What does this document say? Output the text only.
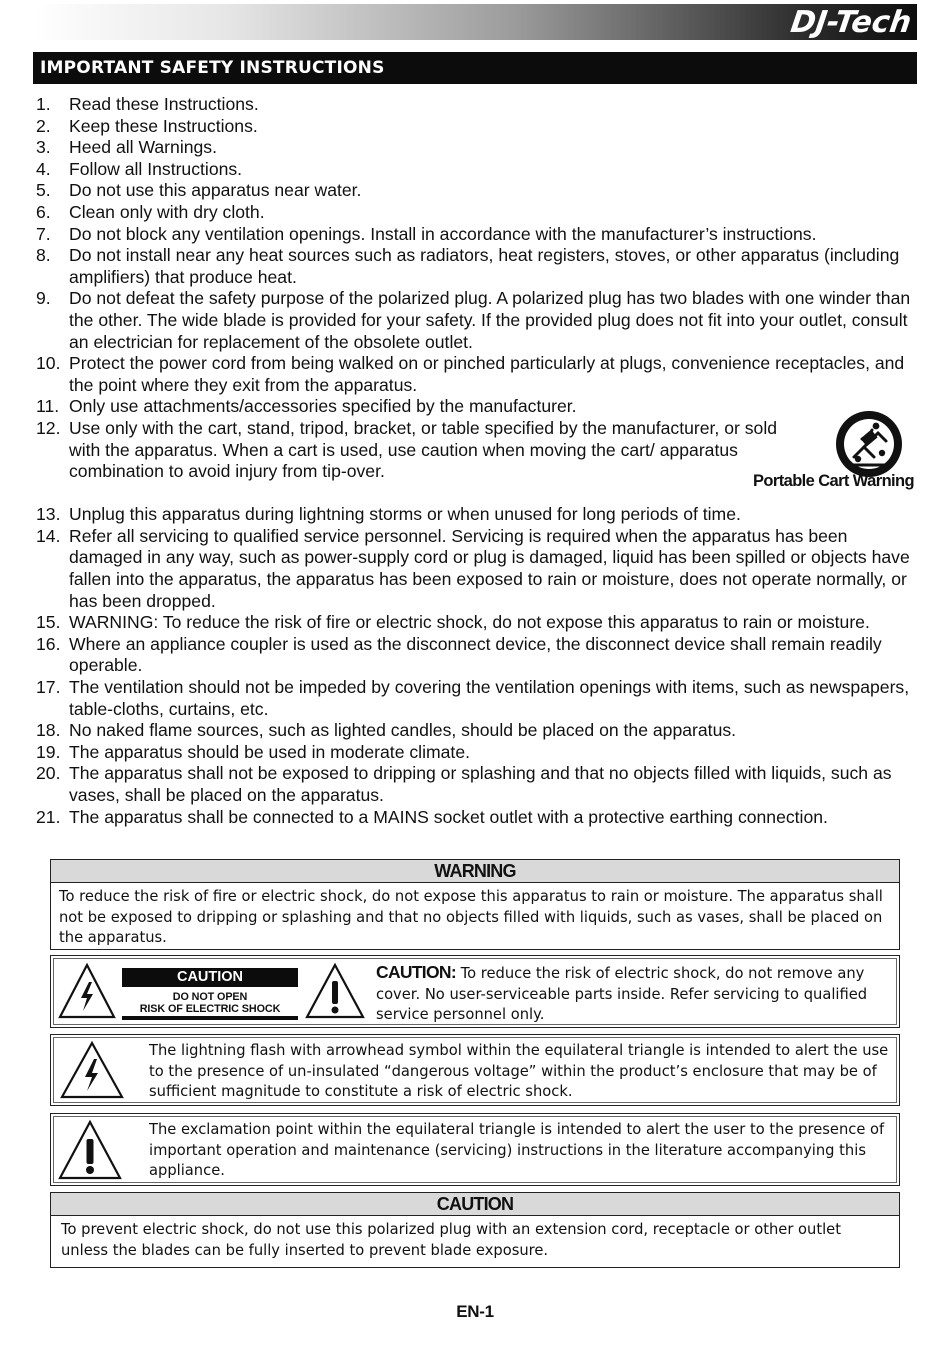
DJ-Tech
IMPORTANT SAFETY INSTRUCTIONS
1. Read these Instructions.
2. Keep these Instructions.
3. Heed all Warnings.
4. Follow all Instructions.
5. Do not use this apparatus near water.
6. Clean only with dry cloth.
7. Do not block any ventilation openings. Install in accordance with the manufacturer’s instructions.
8. Do not install near any heat sources such as radiators, heat registers, stoves, or other apparatus (including amplifiers) that produce heat.
9. Do not defeat the safety purpose of the polarized plug. A polarized plug has two blades with one winder than the other. The wide blade is provided for your safety. If the provided plug does not fit into your outlet, consult an electrician for replacement of the obsolete outlet.
10. Protect the power cord from being walked on or pinched particularly at plugs, convenience receptacles, and the point where they exit from the apparatus.
11. Only use attachments/accessories specified by the manufacturer.
12. Use only with the cart, stand, tripod, bracket, or table specified by the manufacturer, or sold with the apparatus. When a cart is used, use caution when moving the cart/ apparatus combination to avoid injury from tip-over.	Portable Cart Warning
13. Unplug this apparatus during lightning storms or when unused for long periods of time.
14. Refer all servicing to qualified service personnel. Servicing is required when the apparatus has been damaged in any way, such as power-supply cord or plug is damaged, liquid has been spilled or objects have fallen into the apparatus, the apparatus has been exposed to rain or moisture, does not operate normally, or has been dropped.
15. WARNING: To reduce the risk of fire or electric shock, do not expose this apparatus to rain or moisture.
16. Where an appliance coupler is used as the disconnect device, the disconnect device shall remain readily operable.
17. The ventilation should not be impeded by covering the ventilation openings with items, such as newspapers, table-cloths, curtains, etc.
18. No naked flame sources, such as lighted candles, should be placed on the apparatus.
19. The apparatus should be used in moderate climate.
20. The apparatus shall not be exposed to dripping or splashing and that no objects filled with liquids, such as vases, shall be placed on the apparatus.
21. The apparatus shall be connected to a MAINS socket outlet with a protective earthing connection.
WARNING
To reduce the risk of fire or electric shock, do not expose this apparatus to rain or moisture. The apparatus shall not be exposed to dripping or splashing and that no objects filled with liquids, such as vases, shall be placed on the apparatus.
CAUTION
DO NOT OPEN
RISK OF ELECTRIC SHOCK
CAUTION: To reduce the risk of electric shock, do not remove any cover. No user-serviceable parts inside. Refer servicing to qualified service personnel only.
The lightning flash with arrowhead symbol within the equilateral triangle is intended to alert the use to the presence of un-insulated “dangerous voltage” within the product’s enclosure that may be of sufficient magnitude to constitute a risk of electric shock.
The exclamation point within the equilateral triangle is intended to alert the user to the presence of important operation and maintenance (servicing) instructions in the literature accompanying this appliance.
CAUTION
To prevent electric shock, do not use this polarized plug with an extension cord, receptacle or other outlet unless the blades can be fully inserted to prevent blade exposure.
EN-1
